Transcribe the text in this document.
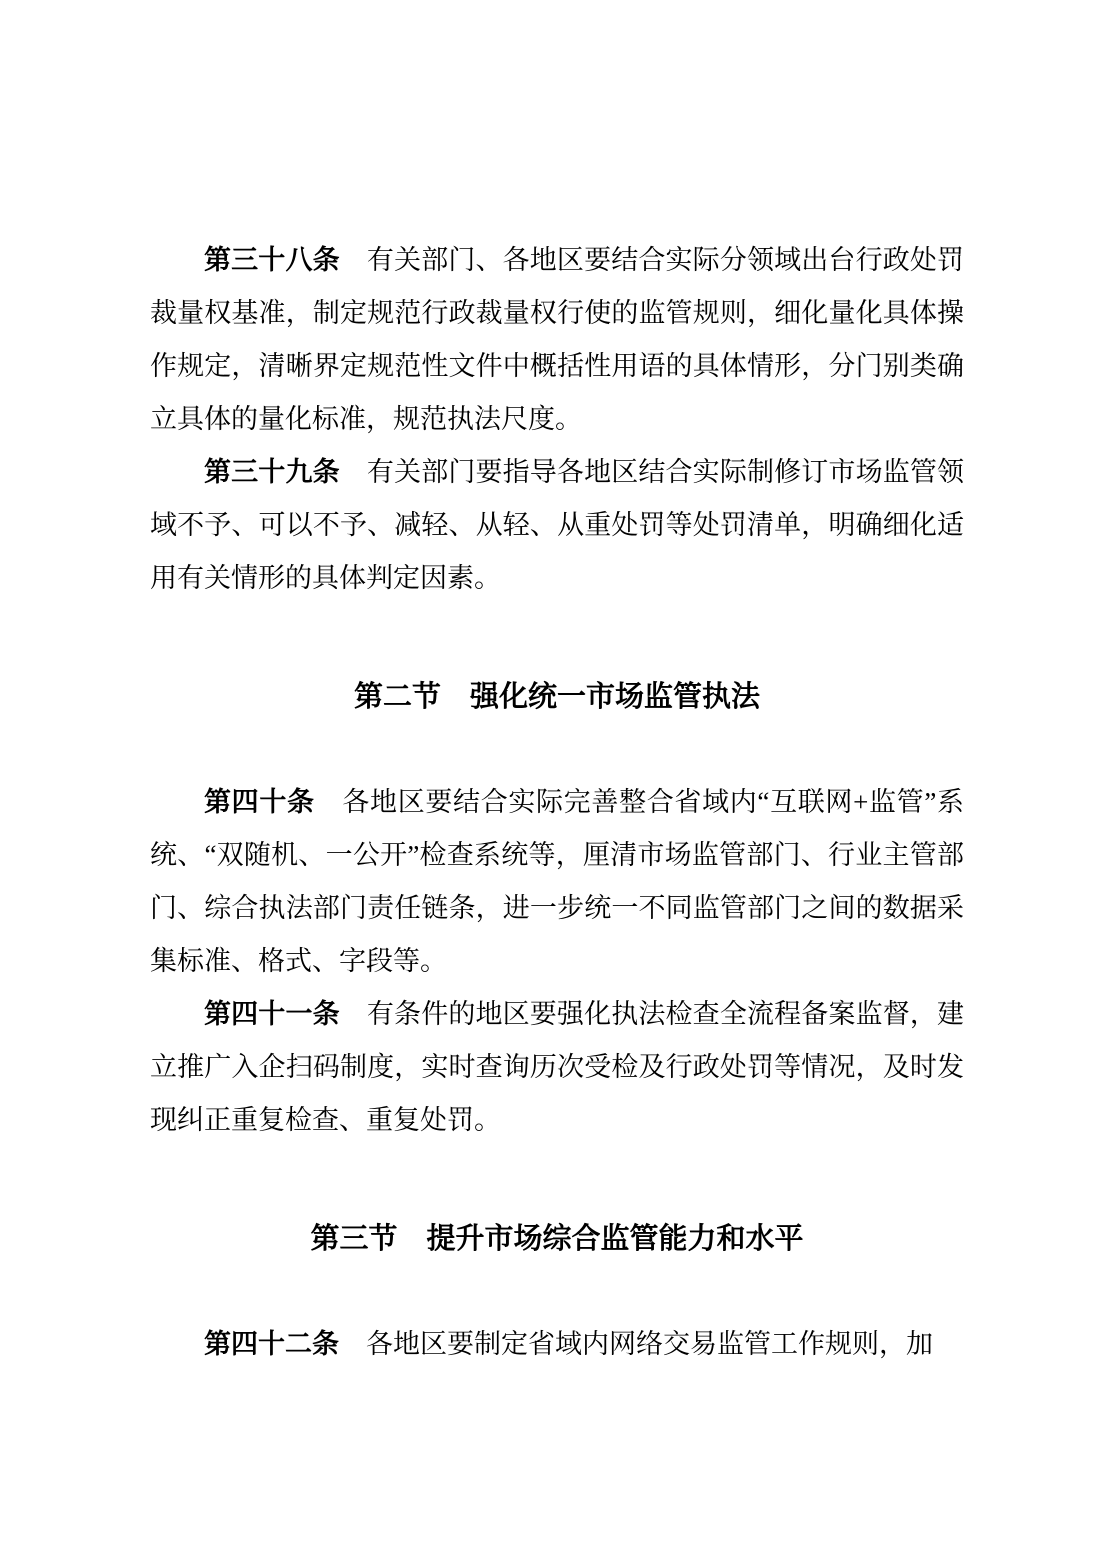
第三十八条　有关部门、各地区要结合实际分领域出台行政处罚裁量权基准，制定规范行政裁量权行使的监管规则，细化量化具体操作规定，清晰界定规范性文件中概括性用语的具体情形，分门别类确立具体的量化标准，规范执法尺度。

第三十九条　有关部门要指导各地区结合实际制修订市场监管领域不予、可以不予、减轻、从轻、从重处罚等处罚清单，明确细化适用有关情形的具体判定因素。

第二节　强化统一市场监管执法

第四十条　各地区要结合实际完善整合省域内“互联网+监管”系统、“双随机、一公开”检查系统等，厘清市场监管部门、行业主管部门、综合执法部门责任链条，进一步统一不同监管部门之间的数据采集标准、格式、字段等。

第四十一条　有条件的地区要强化执法检查全流程备案监督，建立推广入企扫码制度，实时查询历次受检及行政处罚等情况，及时发现纠正重复检查、重复处罚。

第三节　提升市场综合监管能力和水平

第四十二条　各地区要制定省域内网络交易监管工作规则，加
